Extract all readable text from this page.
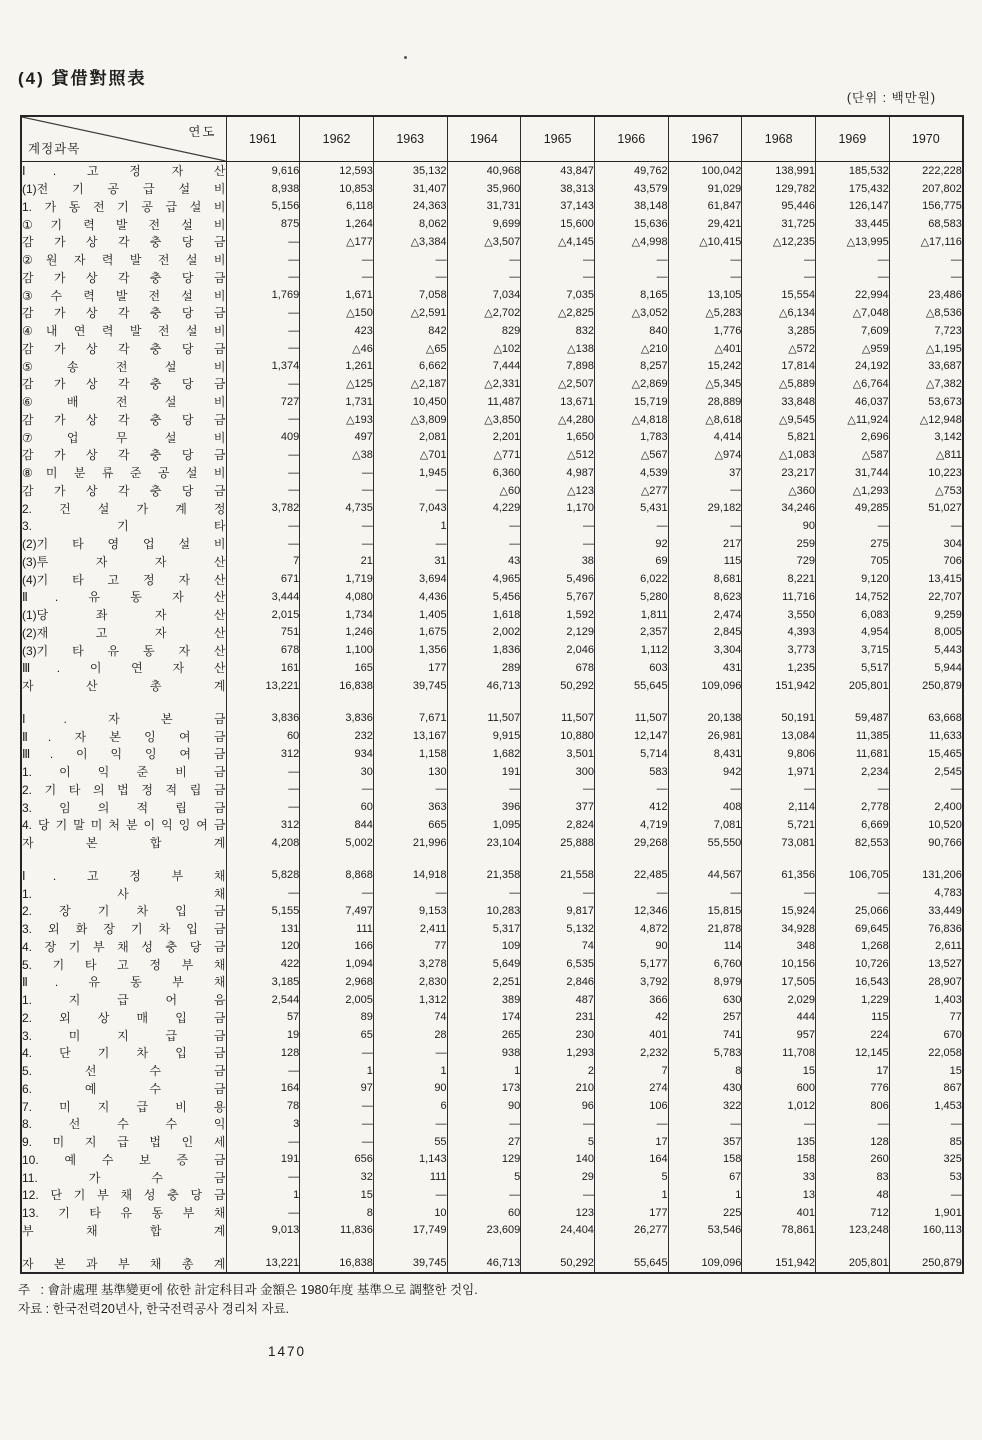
(4) 貸借對照表
(단위 : 백만원)
연도
계정과목	1961	1962	1963	1964	1965	1966	1967	1968	1969	1970
Ⅰ. 고 정 자 산	9,616	12,593	35,132	40,968	43,847	49,762	100,042	138,991	185,532	222,228
(1)전 기 공 급 설 비	8,938	10,853	31,407	35,960	38,313	43,579	91,029	129,782	175,432	207,802
1. 가 동 전 기 공 급 설 비	5,156	6,118	24,363	31,731	37,143	38,148	61,847	95,446	126,147	156,775
①기 력 발 전 설 비	875	1,264	8,062	9,699	15,600	15,636	29,421	31,725	33,445	68,583
감 가 상 각 충 당 금	—	△177	△3,384	△3,507	△4,145	△4,998	△10,415	△12,235	△13,995	△17,116
②원 자 력 발 전 설 비	—	—	—	—	—	—	—	—	—	—
감 가 상 각 충 당 금	—	—	—	—	—	—	—	—	—	—
③수 력 발 전 설 비	1,769	1,671	7,058	7,034	7,035	8,165	13,105	15,554	22,994	23,486
감 가 상 각 충 당 금	—	△150	△2,591	△2,702	△2,825	△3,052	△5,283	△6,134	△7,048	△8,536
④내 연 력 발 전 설 비	—	423	842	829	832	840	1,776	3,285	7,609	7,723
감 가 상 각 충 당 금	—	△46	△65	△102	△138	△210	△401	△572	△959	△1,195
⑤송 전 설 비	1,374	1,261	6,662	7,444	7,898	8,257	15,242	17,814	24,192	33,687
감 가 상 각 충 당 금	—	△125	△2,187	△2,331	△2,507	△2,869	△5,345	△5,889	△6,764	△7,382
⑥배 전 설 비	727	1,731	10,450	11,487	13,671	15,719	28,889	33,848	46,037	53,673
감 가 상 각 충 당 금	—	△193	△3,809	△3,850	△4,280	△4,818	△8,618	△9,545	△11,924	△12,948
⑦업 무 설 비	409	497	2,081	2,201	1,650	1,783	4,414	5,821	2,696	3,142
감 가 상 각 충 당 금	—	△38	△701	△771	△512	△567	△974	△1,083	△587	△811
⑧미 분 류 준 공 설 비	—	—	1,945	6,360	4,987	4,539	37	23,217	31,744	10,223
감 가 상 각 충 당 금	—	—	—	△60	△123	△277	—	△360	△1,293	△753
2. 건 설 가 계 정	3,782	4,735	7,043	4,229	1,170	5,431	29,182	34,246	49,285	51,027
3. 기 타	—	—	1	—	—	—	—	90	—	—
(2)기 타 영 업 설 비	—	—	—	—	—	92	217	259	275	304
(3)투 자 자 산	7	21	31	43	38	69	115	729	705	706
(4)기 타 고 정 자 산	671	1,719	3,694	4,965	5,496	6,022	8,681	8,221	9,120	13,415
Ⅱ. 유 동 자 산	3,444	4,080	4,436	5,456	5,767	5,280	8,623	11,716	14,752	22,707
(1)당 좌 자 산	2,015	1,734	1,405	1,618	1,592	1,811	2,474	3,550	6,083	9,259
(2)재 고 자 산	751	1,246	1,675	2,002	2,129	2,357	2,845	4,393	4,954	8,005
(3)기 타 유 동 자 산	678	1,100	1,356	1,836	2,046	1,112	3,304	3,773	3,715	5,443
Ⅲ. 이 연 자 산	161	165	177	289	678	603	431	1,235	5,517	5,944
자 산 총 계	13,221	16,838	39,745	46,713	50,292	55,645	109,096	151,942	205,801	250,879

Ⅰ. 자 본 금	3,836	3,836	7,671	11,507	11,507	11,507	20,138	50,191	59,487	63,668
Ⅱ. 자 본 잉 여 금	60	232	13,167	9,915	10,880	12,147	26,981	13,084	11,385	11,633
Ⅲ. 이 익 잉 여 금	312	934	1,158	1,682	3,501	5,714	8,431	9,806	11,681	15,465
1. 이 익 준 비 금	—	30	130	191	300	583	942	1,971	2,234	2,545
2. 기 타 의 법 정 적 립 금	—	—	—	—	—	—	—	—	—	—
3. 임 의 적 립 금	—	60	363	396	377	412	408	2,114	2,778	2,400
4. 당 기 말 미 처 분 이 익 잉 여 금	312	844	665	1,095	2,824	4,719	7,081	5,721	6,669	10,520
자 본 합 계	4,208	5,002	21,996	23,104	25,888	29,268	55,550	73,081	82,553	90,766

Ⅰ. 고 정 부 채	5,828	8,868	14,918	21,358	21,558	22,485	44,567	61,356	106,705	131,206
1. 사 채	—	—	—	—	—	—	—	—	—	4,783
2. 장 기 차 입 금	5,155	7,497	9,153	10,283	9,817	12,346	15,815	15,924	25,066	33,449
3. 외 화 장 기 차 입 금	131	111	2,411	5,317	5,132	4,872	21,878	34,928	69,645	76,836
4. 장 기 부 채 성 충 당 금	120	166	77	109	74	90	114	348	1,268	2,611
5. 기 타 고 정 부 채	422	1,094	3,278	5,649	6,535	5,177	6,760	10,156	10,726	13,527
Ⅱ. 유 동 부 채	3,185	2,968	2,830	2,251	2,846	3,792	8,979	17,505	16,543	28,907
1. 지 급 어 음	2,544	2,005	1,312	389	487	366	630	2,029	1,229	1,403
2. 외 상 매 입 금	57	89	74	174	231	42	257	444	115	77
3. 미 지 급 금	19	65	28	265	230	401	741	957	224	670
4. 단 기 차 입 금	128	—	—	938	1,293	2,232	5,783	11,708	12,145	22,058
5. 선 수 금	—	1	1	1	2	7	8	15	17	15
6. 예 수 금	164	97	90	173	210	274	430	600	776	867
7. 미 지 급 비 용	78	—	6	90	96	106	322	1,012	806	1,453
8. 선 수 수 익	3	—	—	—	—	—	—	—	—	—
9. 미 지 급 법 인 세	—	—	55	27	5	17	357	135	128	85
10. 예 수 보 증 금	191	656	1,143	129	140	164	158	158	260	325
11. 가 수 금	—	32	111	5	29	5	67	33	83	53
12. 단 기 부 채 성 충 당 금	1	15	—	—	—	1	1	13	48	—
13. 기 타 유 동 부 채	—	8	10	60	123	177	225	401	712	1,901
부 채 합 계	9,013	11,836	17,749	23,609	24,404	26,277	53,546	78,861	123,248	160,113

자 본 과 부 채 총 계	13,221	16,838	39,745	46,713	50,292	55,645	109,096	151,942	205,801	250,879
주   : 會計處理 基準變更에 依한 計定科目과 金額은 1980年度 基準으로 調整한 것임.
자료 : 한국전력20년사, 한국전력공사 경리처 자료.
1470
